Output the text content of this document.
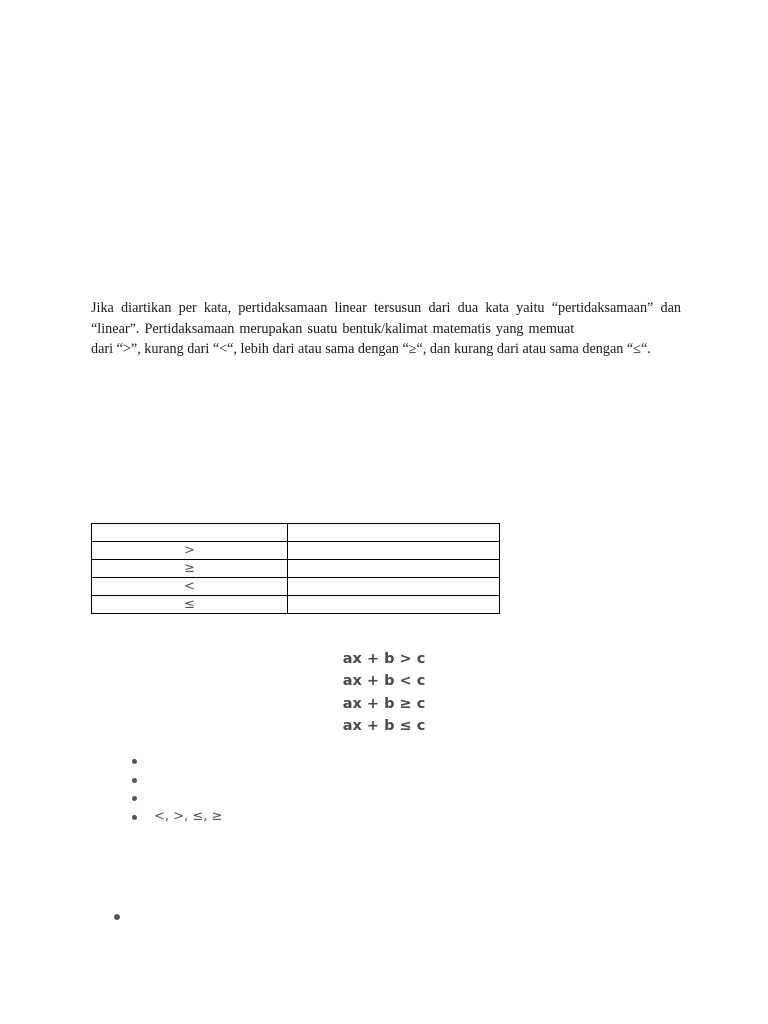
Jika diartikan per kata, pertidaksamaan linear tersusun dari dua kata yaitu “pertidaksamaan” dan
“linear”. Pertidaksamaan merupakan suatu bentuk/kalimat matematis yang memuat
dari “>”, kurang dari “<“, lebih dari atau sama dengan “≥“, dan kurang dari atau sama dengan “≤“.

>	
≥	
<	
≤	
ax + b > c
ax + b < c
ax + b ≥ c
ax + b ≤ c
<, >, ≤, ≥
